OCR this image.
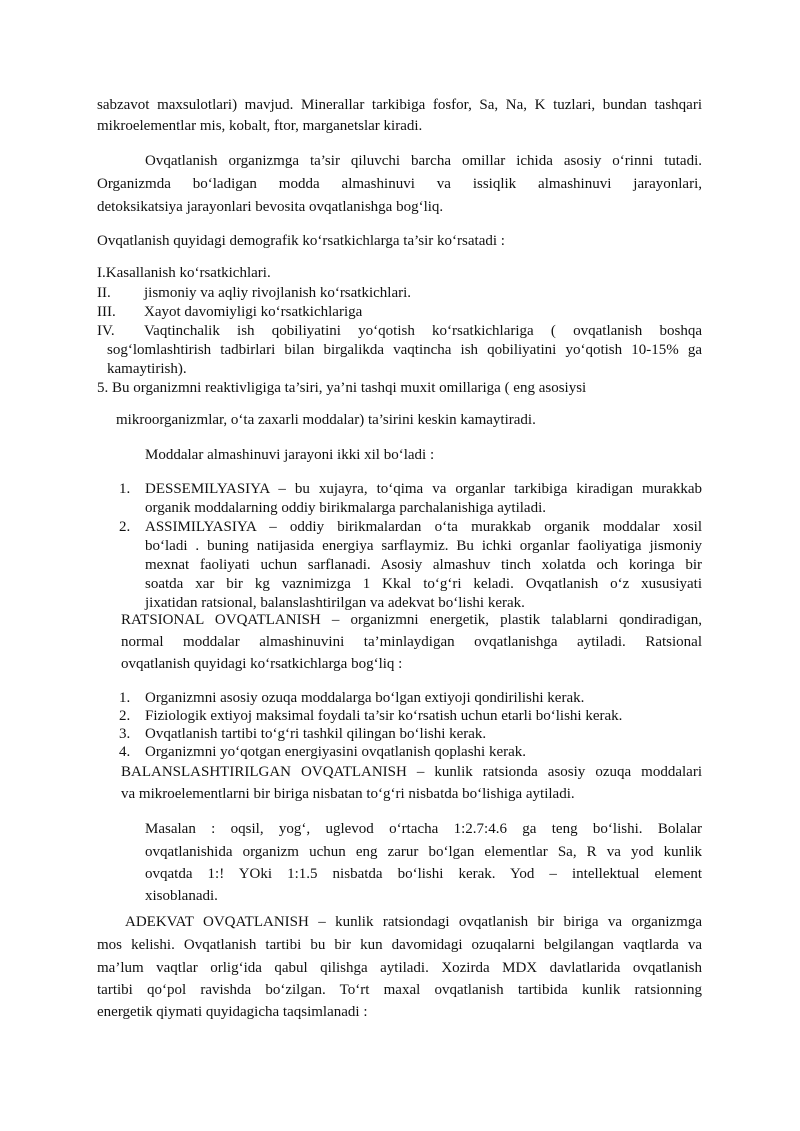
sabzavot maxsulotlari) mavjud. Minerallar tarkibiga fosfor, Sa, Na, K tuzlari, bundan tashqari
mikroelementlar mis, kobalt, ftor, marganetslar kiradi.
Ovqatlanish organizmga ta’sir qiluvchi barcha omillar ichida asosiy o‘rinni tutadi.
Organizmda bo‘ladigan modda almashinuvi va issiqlik almashinuvi jarayonlari,
detoksikatsiya jarayonlari bevosita ovqatlanishga bog‘liq.
Ovqatlanish quyidagi demografik ko‘rsatkichlarga ta’sir ko‘rsatadi :
I.Kasallanish ko‘rsatkichlari.
II. jismoniy va aqliy rivojlanish ko‘rsatkichlari.
III. Xayot davomiyligi ko‘rsatkichlariga
IV. Vaqtinchalik ish qobiliyatini yo‘qotish ko‘rsatkichlariga ( ovqatlanish boshqa
sog‘lomlashtirish tadbirlari bilan birgalikda vaqtincha ish qobiliyatini yo‘qotish 10-15% ga
kamaytirish).
5. Bu organizmni reaktivligiga ta’siri, ya’ni tashqi muxit omillariga ( eng asosiysi
mikroorganizmlar, o‘ta zaxarli moddalar) ta’sirini keskin kamaytiradi.
Moddalar almashinuvi jarayoni ikki xil bo‘ladi :
1. DESSEMILYASIYA – bu xujayra, to‘qima va organlar tarkibiga kiradigan murakkab
organik moddalarning oddiy birikmalarga parchalanishiga aytiladi.
2. ASSIMILYASIYA – oddiy birikmalardan o‘ta murakkab organik moddalar xosil
bo‘ladi . buning natijasida energiya sarflaymiz. Bu ichki organlar faoliyatiga jismoniy
mexnat faoliyati uchun sarflanadi. Asosiy almashuv tinch xolatda och koringa bir
soatda xar bir kg vaznimizga 1 Kkal to‘g‘ri keladi. Ovqatlanish o‘z xususiyati
jixatidan ratsional, balanslashtirilgan va adekvat bo‘lishi kerak.
RATSIONAL OVQATLANISH – organizmni energetik, plastik talablarni qondiradigan,
normal moddalar almashinuvini ta’minlaydigan ovqatlanishga aytiladi. Ratsional
ovqatlanish quyidagi ko‘rsatkichlarga bog‘liq :
1. Organizmni asosiy ozuqa moddalarga bo‘lgan extiyoji qondirilishi kerak.
2. Fiziologik extiyoj maksimal foydali ta’sir ko‘rsatish uchun etarli bo‘lishi kerak.
3. Ovqatlanish tartibi to‘g‘ri tashkil qilingan bo‘lishi kerak.
4. Organizmni yo‘qotgan energiyasini ovqatlanish qoplashi kerak.
BALANSLASHTIRILGAN OVQATLANISH – kunlik ratsionda asosiy ozuqa moddalari
va mikroelementlarni bir biriga nisbatan to‘g‘ri nisbatda bo‘lishiga aytiladi.
Masalan : oqsil, yog‘, uglevod o‘rtacha 1:2.7:4.6 ga teng bo‘lishi. Bolalar
ovqatlanishida organizm uchun eng zarur bo‘lgan elementlar Sa, R va yod kunlik
ovqatda 1:! YOki 1:1.5 nisbatda bo‘lishi kerak. Yod – intellektual element
xisoblanadi.
ADEKVAT OVQATLANISH – kunlik ratsiondagi ovqatlanish bir biriga va organizmga
mos kelishi. Ovqatlanish tartibi bu bir kun davomidagi ozuqalarni belgilangan vaqtlarda va
ma’lum vaqtlar orlig‘ida qabul qilishga aytiladi. Xozirda MDX davlatlarida ovqatlanish
tartibi qo‘pol ravishda bo‘zilgan. To‘rt maxal ovqatlanish tartibida kunlik ratsionning
energetik qiymati quyidagicha taqsimlanadi :
